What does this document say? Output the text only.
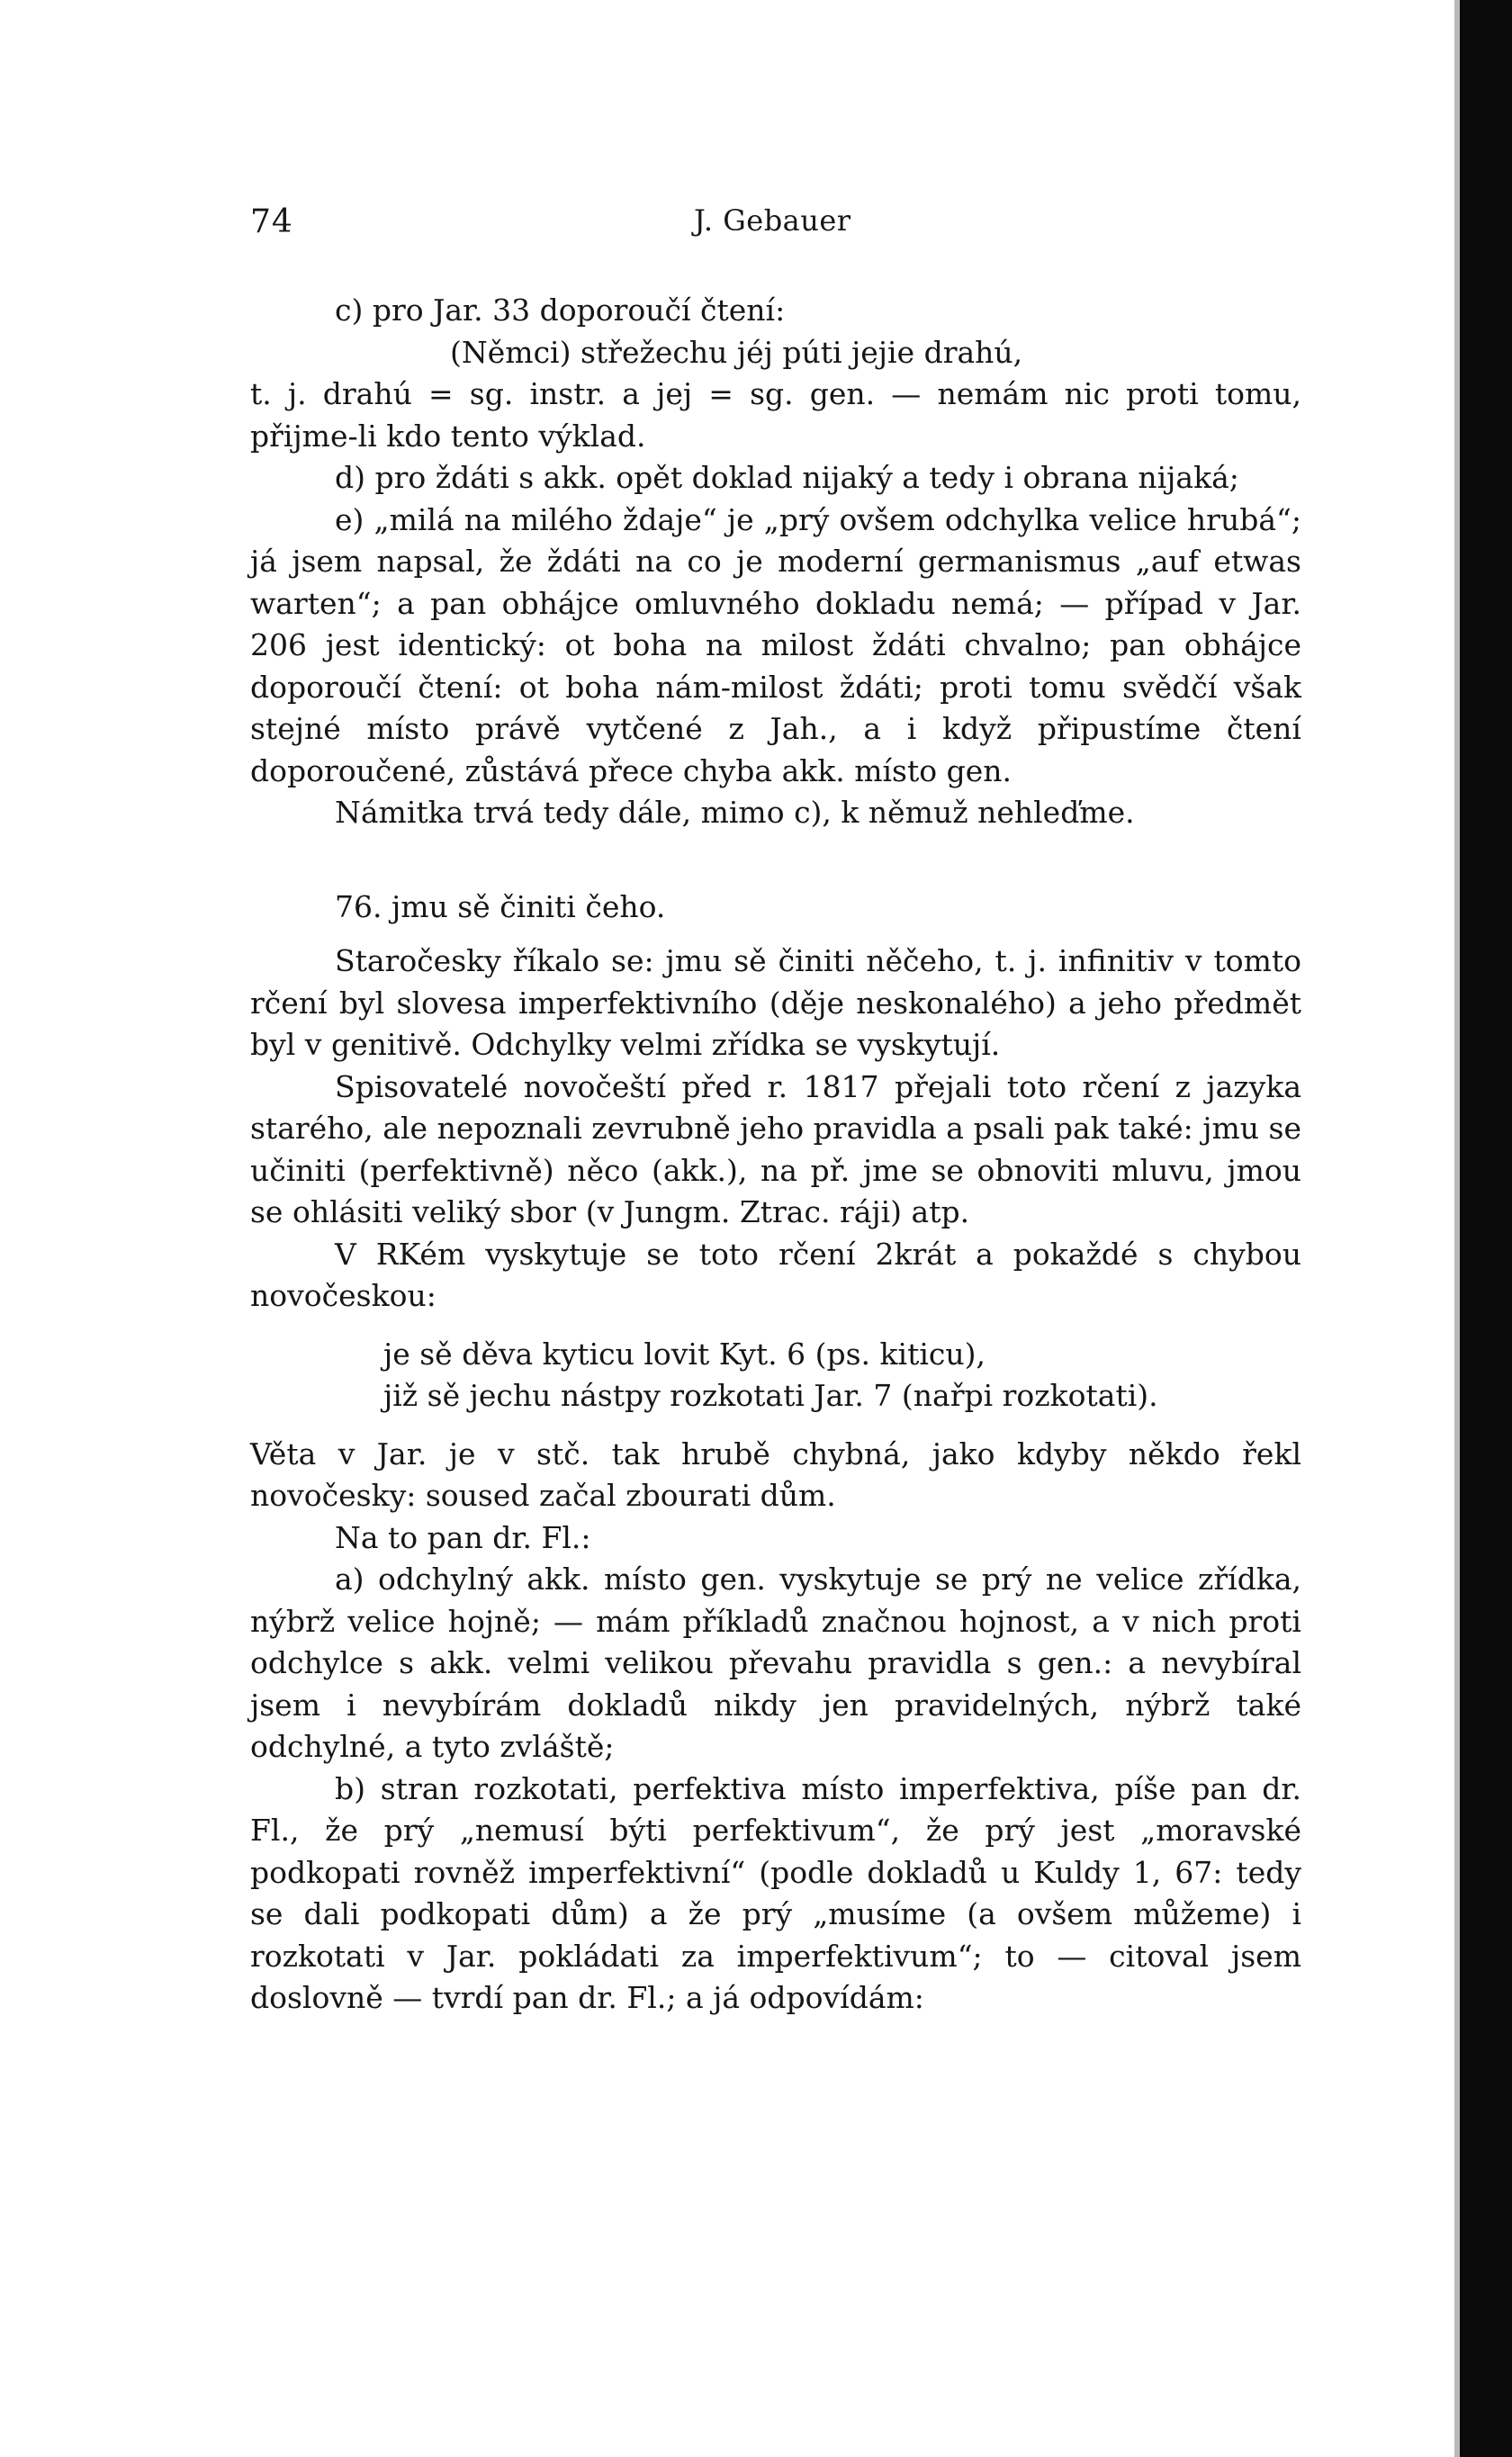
74	J. Gebauer

c) pro Jar. 33 doporoučí čtení:

(Němci) střežechu jéj púti jejie drahú,

t. j. drahú = sg. instr. a jej = sg. gen. — nemám nic proti tomu, přijme-li kdo tento výklad.

d) pro ždáti s akk. opět doklad nijaký a tedy i obrana nijaká;

e) „milá na milého ždaje“ je „prý ovšem odchylka velice hrubá“; já jsem napsal, že ždáti na co je moderní germanismus „auf etwas warten“; a pan obhájce omluvného dokladu nemá; — případ v Jar. 206 jest identický: ot boha na milost ždáti chvalno; pan obhájce doporoučí čtení: ot boha nám-milost ždáti; proti tomu svědčí však stejné místo právě vytčené z Jah., a i když připustíme čtení doporoučené, zůstává přece chyba akk. místo gen.

Námitka trvá tedy dále, mimo c), k němuž nehleďme.

76. jmu sě činiti čeho.

Staročesky říkalo se: jmu sě činiti něčeho, t. j. infinitiv v tomto rčení byl slovesa imperfektivního (děje neskonalého) a jeho předmět byl v genitivě. Odchylky velmi zřídka se vyskytují.

Spisovatelé novočeští před r. 1817 přejali toto rčení z jazyka starého, ale nepoznali zevrubně jeho pravidla a psali pak také: jmu se učiniti (perfektivně) něco (akk.), na př. jme se obnoviti mluvu, jmou se ohlásiti veliký sbor (v Jungm. Ztrac. ráji) atp.

V RKém vyskytuje se toto rčení 2krát a pokaždé s chybou novočeskou:

je sě děva kyticu lovit Kyt. 6 (ps. kiticu),

již sě jechu nástpy rozkotati Jar. 7 (nařpi rozkotati).

Věta v Jar. je v stč. tak hrubě chybná, jako kdyby někdo řekl novočesky: soused začal zbourati dům.

Na to pan dr. Fl.:

a) odchylný akk. místo gen. vyskytuje se prý ne velice zřídka, nýbrž velice hojně; — mám příkladů značnou hojnost, a v nich proti odchylce s akk. velmi velikou převahu pravidla s gen.: a nevybíral jsem i nevybírám dokladů nikdy jen pravidelných, nýbrž také odchylné, a tyto zvláště;

b) stran rozkotati, perfektiva místo imperfektiva, píše pan dr. Fl., že prý „nemusí býti perfektivum“, že prý jest „moravské podkopati rovněž imperfektivní“ (podle dokladů u Kuldy 1, 67: tedy se dali podkopati dům) a že prý „musíme (a ovšem můžeme) i rozkotati v Jar. pokládati za imperfektivum“; to — citoval jsem doslovně — tvrdí pan dr. Fl.; a já odpovídám:
